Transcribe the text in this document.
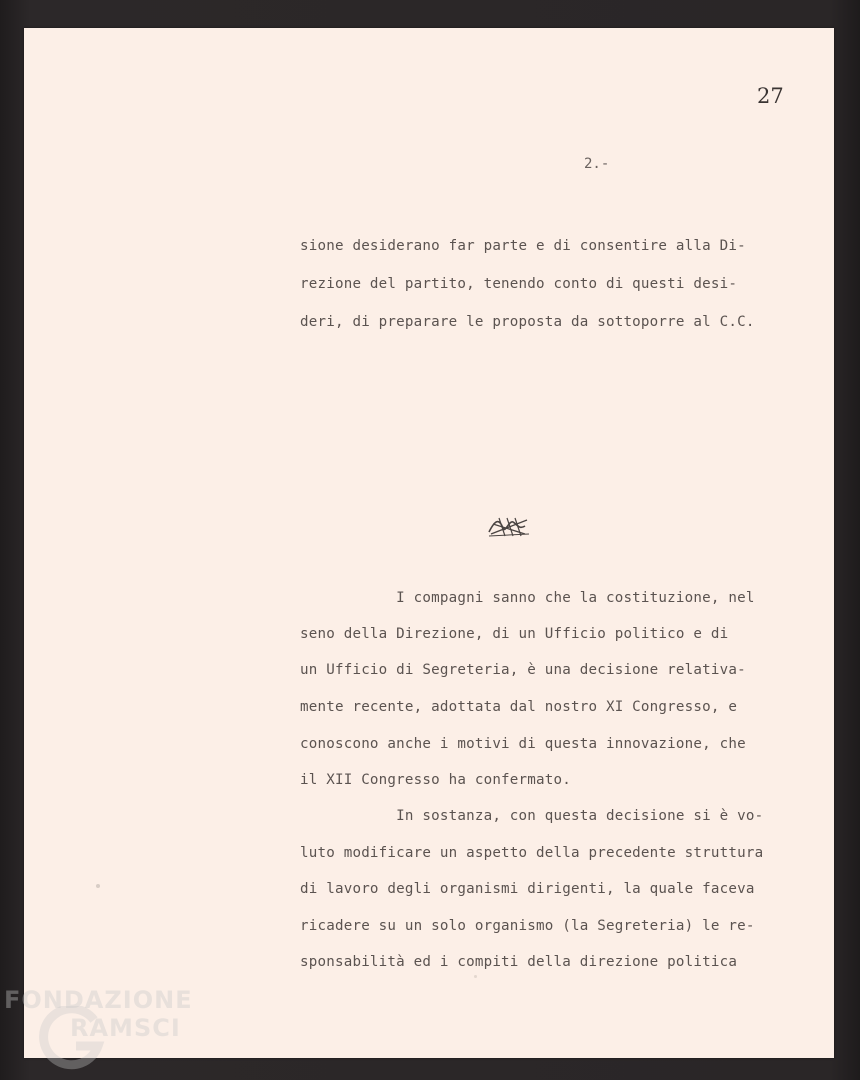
27
2.-
sione desiderano far parte e di consentire alla Di-
rezione del partito, tenendo conto di questi desi-
deri, di preparare le proposta da sottoporre al C.C.
I compagni sanno che la costituzione, nel
seno della Direzione, di un Ufficio politico e di
un Ufficio di Segreteria, è una decisione relativa-
mente recente, adottata dal nostro XI Congresso, e
conoscono anche i motivi di questa innovazione, che
il XII Congresso ha confermato.
In sostanza, con questa decisione si è vo-
luto modificare un aspetto della precedente struttura
di lavoro degli organismi dirigenti, la quale faceva
ricadere su un solo organismo (la Segreteria) le re-
sponsabilità ed i compiti della direzione politica
FONDAZIONE
RAMSCI
